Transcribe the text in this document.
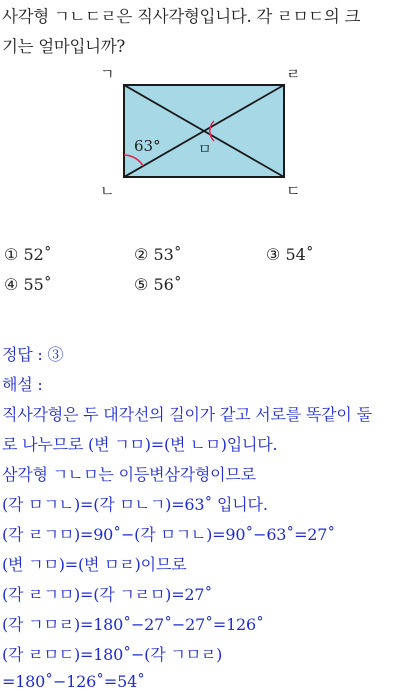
사각형 ㄱㄴㄷㄹ은 직사각형입니다. 각 ㄹㅁㄷ의 크
기는 얼마입니까?
ㄱ	ㄹ
ㄴ	ㄷ
ㅁ
63°
① 52˚	② 53˚	③ 54˚
④ 55˚	⑤ 56˚
정답 : ③
해설 :
직사각형은 두 대각선의 길이가 같고 서로를 똑같이 둘
로 나누므로 (변 ㄱㅁ)=(변 ㄴㅁ)입니다.
삼각형 ㄱㄴㅁ는 이등변삼각형이므로
(각 ㅁㄱㄴ)=(각 ㅁㄴㄱ)=63˚ 입니다.
(각 ㄹㄱㅁ)=90˚−(각 ㅁㄱㄴ)=90˚−63˚=27˚
(변 ㄱㅁ)=(변 ㅁㄹ)이므로
(각 ㄹㄱㅁ)=(각 ㄱㄹㅁ)=27˚
(각 ㄱㅁㄹ)=180˚−27˚−27˚=126˚
(각 ㄹㅁㄷ)=180˚−(각 ㄱㅁㄹ)
=180˚−126˚=54˚
